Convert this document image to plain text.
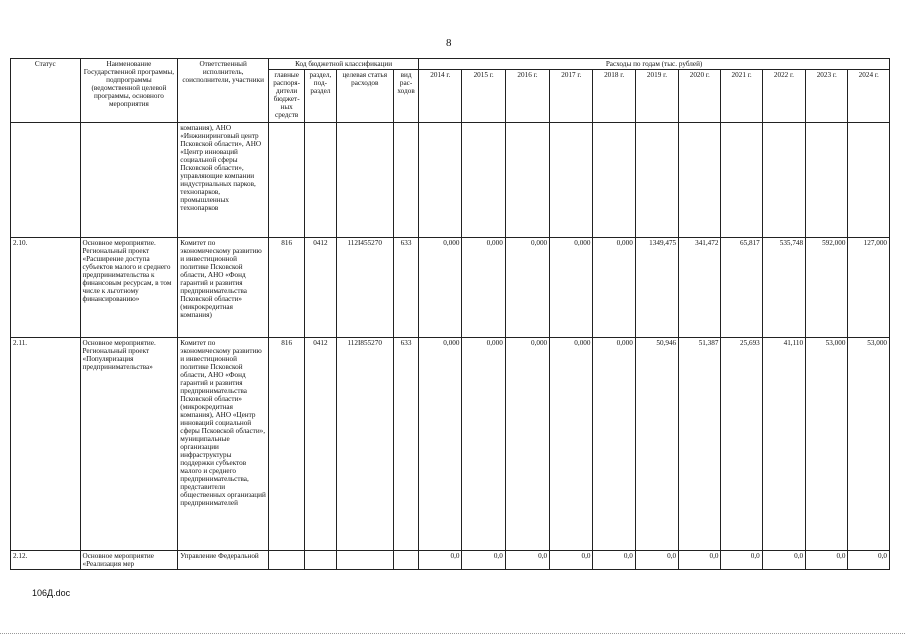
8
Статус	Наименование Государственной программы, подпрограммы (ведомственной целевой программы, основного мероприятия	Ответственный исполнитель, соисполнители, участники	Код бюджетной классификации				Расходы по годам (тыс. рублей)										
			главные распоря-дители бюджет-ных средств	раздел, под-раздел	целевая статья расходов	вид рас-ходов	2014 г.	2015 г.	2016 г.	2017 г.	2018 г.	2019 г.	2020 г.	2021 г.	2022 г.	2023 г.	2024 г.
		компания), АНО «Инжиниринговый центр Псковской области», АНО «Центр инноваций социальной сферы Псковской области», управляющие компании индустриальных парков, технопарков, промышленных технопарков															
2.10.	Основное мероприятие. Региональный проект «Расширение доступа субъектов малого и среднего предпринимательства к финансовым ресурсам, в том числе к льготному финансированию»	Комитет по экономическому развитию и инвестиционной политике Псковской области, АНО «Фонд гарантий и развития предпринимательства Псковской области» (микрокредитная компания)	816	0412	112I455270	633	0,000	0,000	0,000	0,000	0,000	1349,475	341,472	65,817	535,748	592,000	127,000
2.11.	Основное мероприятие. Региональный проект «Популяризация предпринимательства»	Комитет по экономическому развитию и инвестиционной политике Псковской области, АНО «Фонд гарантий и развития предпринимательства Псковской области» (микрокредитная компания), АНО «Центр инноваций социальной сферы Псковской области», муниципальные организации инфраструктуры поддержки субъектов малого и среднего предпринимательства, представители общественных организаций предпринимателей	816	0412	112I855270	633	0,000	0,000	0,000	0,000	0,000	50,946	51,387	25,693	41,110	53,000	53,000
2.12.	Основное мероприятие «Реализация мер	Управление Федеральной					0,0	0,0	0,0	0,0	0,0	0,0	0,0	0,0	0,0	0,0	0,0
106Д.doc
